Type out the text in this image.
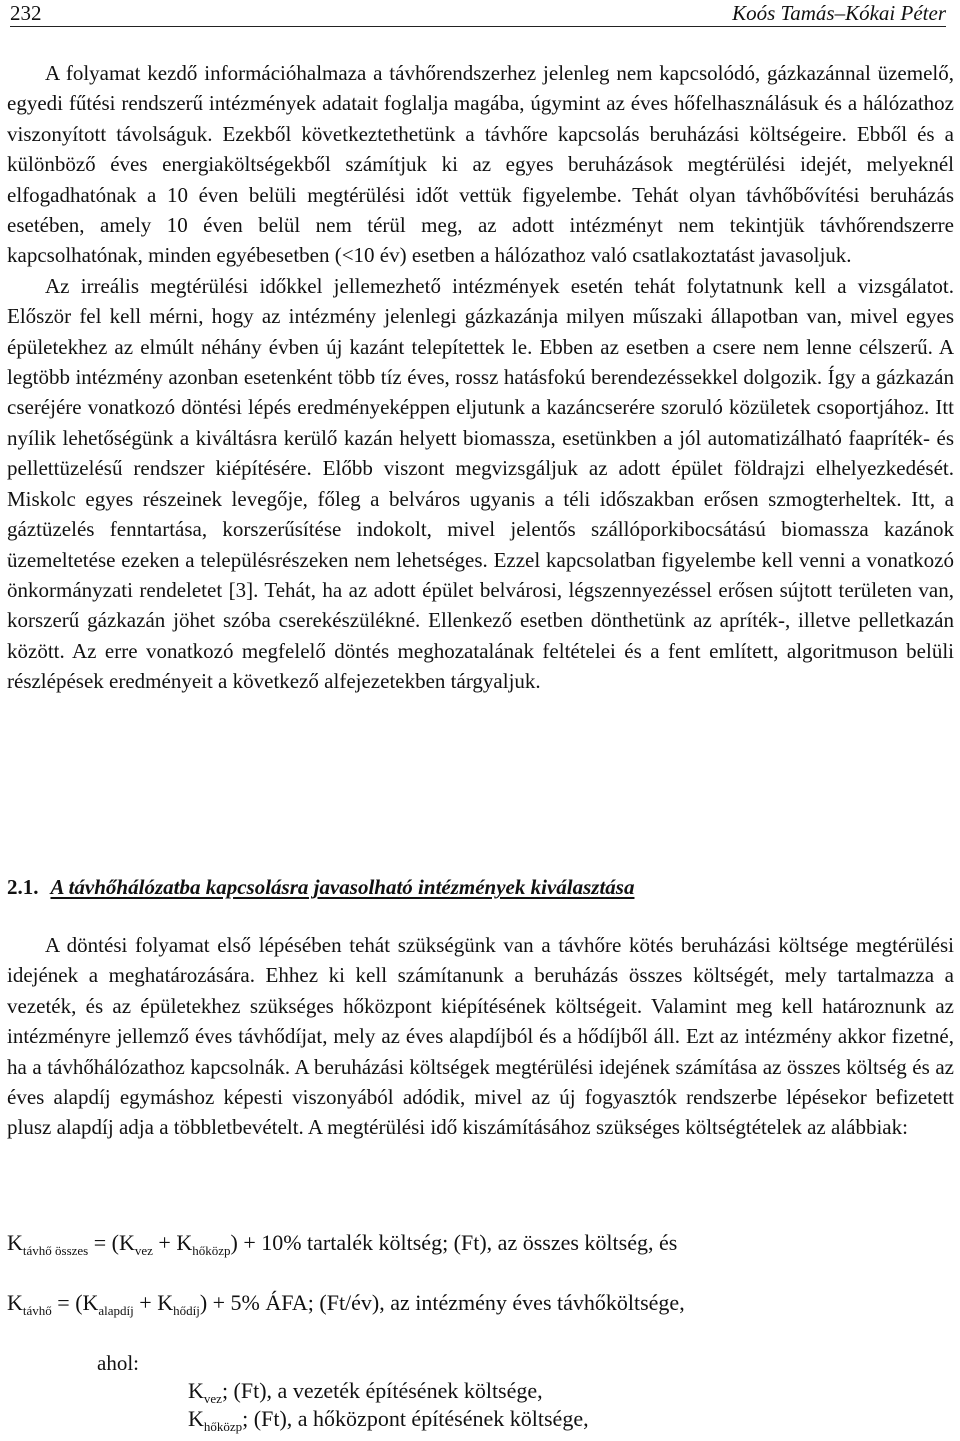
232	Koós Tamás–Kókai Péter

A folyamat kezdő információhalmaza a távhőrendszerhez jelenleg nem kapcsolódó, gázkazánnal üzemelő, egyedi fűtési rendszerű intézmények adatait foglalja magába, úgymint az éves hőfelhasználásuk és a hálózathoz viszonyított távolságuk. Ezekből következtethetünk a távhőre kapcsolás beruházási költségeire. Ebből és a különböző éves energiaköltségekből számítjuk ki az egyes beruházások megtérülési idejét, melyeknél elfogadhatónak a 10 éven belüli megtérülési időt vettük figyelembe. Tehát olyan távhőbővítési beruházás esetében, amely 10 éven belül nem térül meg, az adott intézményt nem tekintjük távhőrendszerre kapcsolhatónak, minden egyébesetben (<10 év) esetben a hálózathoz való csatlakoztatást javasoljuk.

Az irreális megtérülési időkkel jellemezhető intézmények esetén tehát folytatnunk kell a vizsgálatot. Először fel kell mérni, hogy az intézmény jelenlegi gázkazánja milyen műszaki állapotban van, mivel egyes épületekhez az elmúlt néhány évben új kazánt telepítettek le. Ebben az esetben a csere nem lenne célszerű. A legtöbb intézmény azonban esetenként több tíz éves, rossz hatásfokú berendezéssekkel dolgozik. Így a gázkazán cseréjére vonatkozó döntési lépés eredményeképpen eljutunk a kazáncserére szoruló közületek csoportjához. Itt nyílik lehetőségünk a kiváltásra kerülő kazán helyett biomassza, esetünkben a jól automatizálható faapríték- és pellettüzelésű rendszer kiépítésére. Előbb viszont megvizsgáljuk az adott épület földrajzi elhelyezkedését. Miskolc egyes részeinek levegője, főleg a belváros ugyanis a téli időszakban erősen szmogterheltek. Itt, a gáztüzelés fenntartása, korszerűsítése indokolt, mivel jelentős szállóporkibocsátású biomassza kazánok üzemeltetése ezeken a településrészeken nem lehetséges. Ezzel kapcsolatban figyelembe kell venni a vonatkozó önkormányzati rendeletet [3]. Tehát, ha az adott épület belvárosi, légszennyezéssel erősen sújtott területen van, korszerű gázkazán jöhet szóba cserekészülékné. Ellenkező esetben dönthetünk az apríték-, illetve pelletkazán között. Az erre vonatkozó megfelelő döntés meghozatalának feltételei és a fent említett, algoritmuson belüli részlépések eredményeit a következő alfejezetekben tárgyaljuk.

2.1. A távhőhálózatba kapcsolásra javasolható intézmények kiválasztása

A döntési folyamat első lépésében tehát szükségünk van a távhőre kötés beruházási költsége megtérülési idejének a meghatározására. Ehhez ki kell számítanunk a beruházás összes költségét, mely tartalmazza a vezeték, és az épületekhez szükséges hőközpont kiépítésének költségeit. Valamint meg kell határoznunk az intézményre jellemző éves távhődíjat, mely az éves alapdíjból és a hődíjből áll. Ezt az intézmény akkor fizetné, ha a távhőhálózathoz kapcsolnák. A beruházási költségek megtérülési idejének számítása az összes költség és az éves alapdíj egymáshoz képesti viszonyából adódik, mivel az új fogyasztók rendszerbe lépésekor befizetett plusz alapdíj adja a többletbevételt. A megtérülési idő kiszámításához szükséges költségtételek az alábbiak:

$K_{távhő összes} = (K_{vez} + K_{hőközp}) + 10\%$ tartalék költség; (Ft), az összes költség, és
$K_{távhő} = (K_{alapdíj} + K_{hődíj}) + 5\%$ ÁFA; (Ft/év), az intézmény éves távhőköltsége,
ahol:
$K_{vez}$; (Ft), a vezeték építésének költsége,
$K_{hőközp}$; (Ft), a hőközpont építésének költsége,
